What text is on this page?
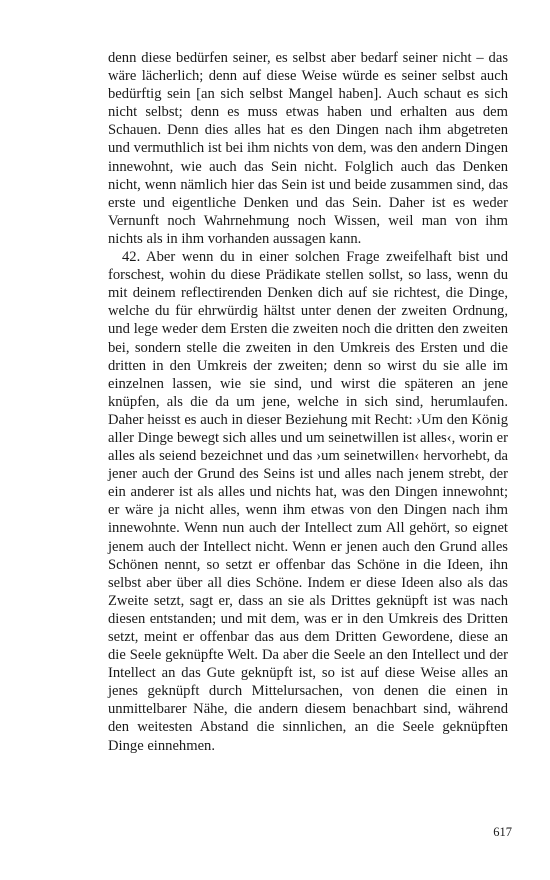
denn diese bedürfen seiner, es selbst aber bedarf seiner nicht – das wäre lächerlich; denn auf diese Weise würde es seiner selbst auch bedürftig sein [an sich selbst Mangel haben]. Auch schaut es sich nicht selbst; denn es muss etwas haben und erhalten aus dem Schauen. Denn dies alles hat es den Dingen nach ihm abgetreten und vermuthlich ist bei ihm nichts von dem, was den andern Dingen innewohnt, wie auch das Sein nicht. Folglich auch das Denken nicht, wenn nämlich hier das Sein ist und beide zusammen sind, das erste und eigentliche Denken und das Sein. Daher ist es weder Vernunft noch Wahrnehmung noch Wissen, weil man von ihm nichts als in ihm vorhanden aussagen kann.

42. Aber wenn du in einer solchen Frage zweifelhaft bist und forschest, wohin du diese Prädikate stellen sollst, so lass, wenn du mit deinem reflectirenden Denken dich auf sie richtest, die Dinge, welche du für ehrwürdig hältst unter denen der zweiten Ordnung, und lege weder dem Ersten die zweiten noch die dritten den zweiten bei, sondern stelle die zweiten in den Umkreis des Ersten und die dritten in den Umkreis der zweiten; denn so wirst du sie alle im einzelnen lassen, wie sie sind, und wirst die späteren an jene knüpfen, als die da um jene, welche in sich sind, herumlaufen. Daher heisst es auch in dieser Beziehung mit Recht: ›Um den König aller Dinge bewegt sich alles und um seinetwillen ist alles‹, worin er alles als seiend bezeichnet und das ›um seinetwillen‹ hervorhebt, da jener auch der Grund des Seins ist und alles nach jenem strebt, der ein anderer ist als alles und nichts hat, was den Dingen innewohnt; er wäre ja nicht alles, wenn ihm etwas von den Dingen nach ihm innewohnte. Wenn nun auch der Intellect zum All gehört, so eignet jenem auch der Intellect nicht. Wenn er jenen auch den Grund alles Schönen nennt, so setzt er offenbar das Schöne in die Ideen, ihn selbst aber über all dies Schöne. Indem er diese Ideen also als das Zweite setzt, sagt er, dass an sie als Drittes geknüpft ist was nach diesen entstanden; und mit dem, was er in den Umkreis des Dritten setzt, meint er offenbar das aus dem Dritten Gewordene, diese an die Seele geknüpfte Welt. Da aber die Seele an den Intellect und der Intellect an das Gute geknüpft ist, so ist auf diese Weise alles an jenes geknüpft durch Mittelursachen, von denen die einen in unmittelbarer Nähe, die andern diesem benachbart sind, während den weitesten Abstand die sinnlichen, an die Seele geknüpften Dinge einnehmen.

617
